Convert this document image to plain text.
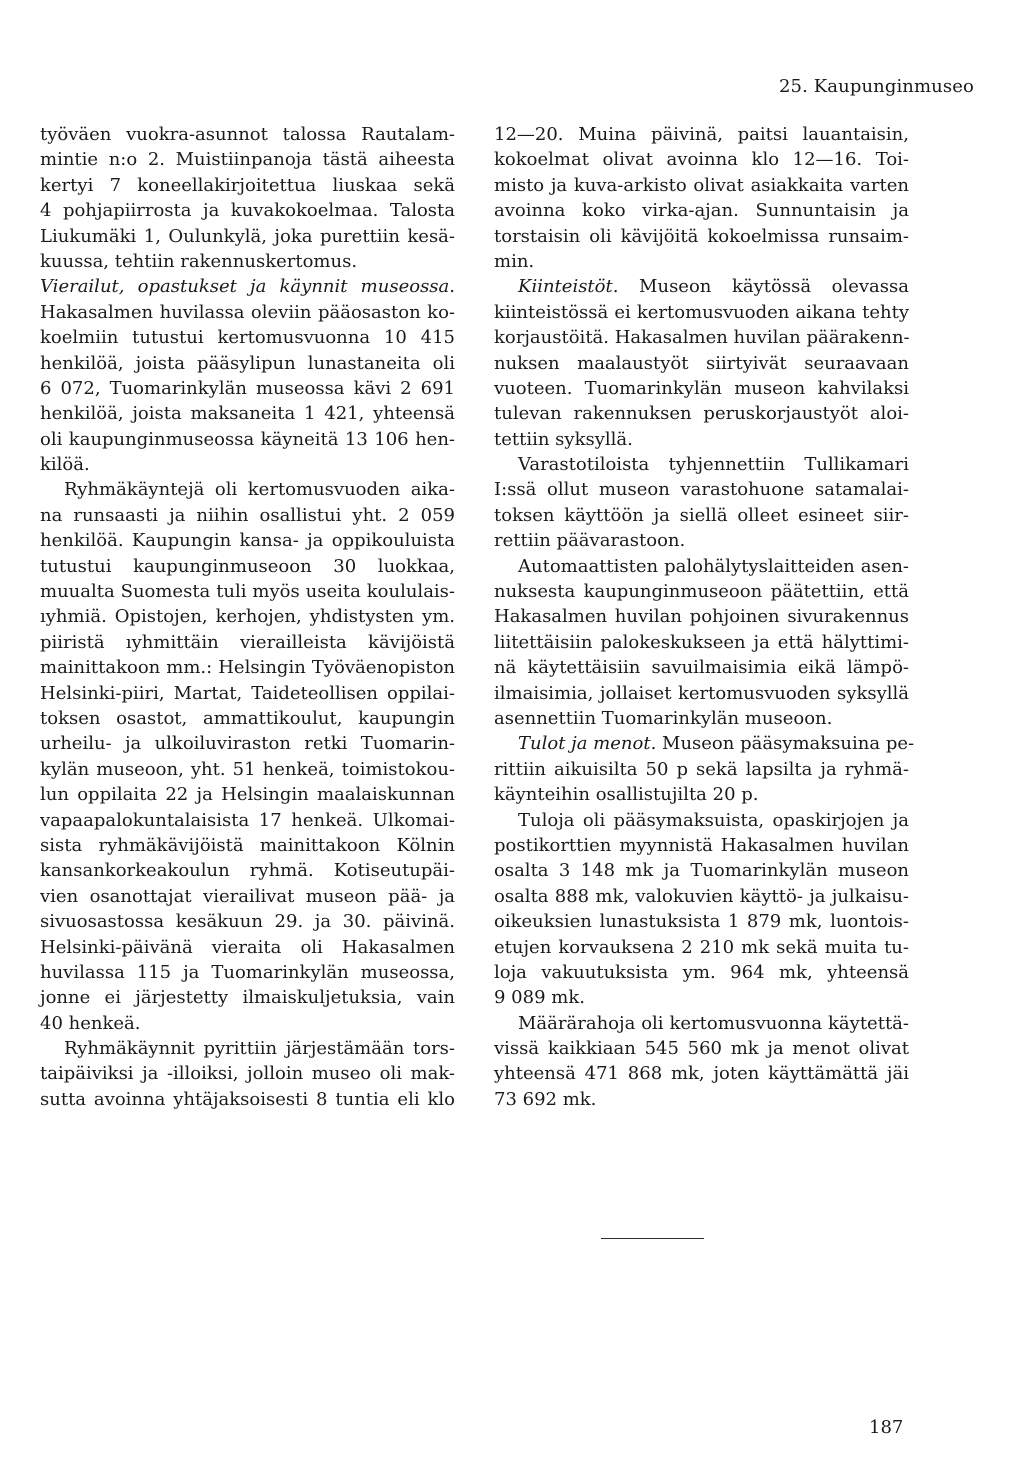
25. Kaupunginmuseo
työväen vuokra-asunnot talossa Rautalam-
mintie n:o 2. Muistiinpanoja tästä aiheesta
kertyi 7 koneellakirjoitettua liuskaa sekä
4 pohjapiirrosta ja kuvakokoelmaa. Talosta
Liukumäki 1, Oulunkylä, joka purettiin kesä-
kuussa, tehtiin rakennuskertomus.
Vierailut, opastukset ja käynnit museossa.
Hakasalmen huvilassa oleviin pääosaston ko-
koelmiin tutustui kertomusvuonna 10 415
henkilöä, joista pääsylipun lunastaneita oli
6 072, Tuomarinkylän museossa kävi 2 691
henkilöä, joista maksaneita 1 421, yhteensä
oli kaupunginmuseossa käyneitä 13 106 hen-
kilöä.
Ryhmäkäyntejä oli kertomusvuoden aika-
na runsaasti ja niihin osallistui yht. 2 059
henkilöä. Kaupungin kansa- ja oppikouluista
tutustui kaupunginmuseoon 30 luokkaa,
muualta Suomesta tuli myös useita koululais-
ıyhmiä. Opistojen, kerhojen, yhdistysten ym.
piiristä ıyhmittäin vierailleista kävijöistä
mainittakoon mm.: Helsingin Työväenopiston
Helsinki-piiri, Martat, Taideteollisen oppilai-
toksen osastot, ammattikoulut, kaupungin
urheilu- ja ulkoiluviraston retki Tuomarin-
kylän museoon, yht. 51 henkeä, toimistokou-
lun oppilaita 22 ja Helsingin maalaiskunnan
vapaapalokuntalaisista 17 henkeä. Ulkomai-
sista ryhmäkävijöistä mainittakoon Kölnin
kansankorkeakoulun ryhmä. Kotiseutupäi-
vien osanottajat vierailivat museon pää- ja
sivuosastossa kesäkuun 29. ja 30. päivinä.
Helsinki-päivänä vieraita oli Hakasalmen
huvilassa 115 ja Tuomarinkylän museossa,
jonne ei järjestetty ilmaiskuljetuksia, vain
40 henkeä.
Ryhmäkäynnit pyrittiin järjestämään tors-
taipäiviksi ja -illoiksi, jolloin museo oli mak-
sutta avoinna yhtäjaksoisesti 8 tuntia eli klo
12—20. Muina päivinä, paitsi lauantaisin,
kokoelmat olivat avoinna klo 12—16. Toi-
misto ja kuva-arkisto olivat asiakkaita varten
avoinna koko virka-ajan. Sunnuntaisin ja
torstaisin oli kävijöitä kokoelmissa runsaim-
min.
Kiinteistöt. Museon käytössä olevassa
kiinteistössä ei kertomusvuoden aikana tehty
korjaustöitä. Hakasalmen huvilan päärakenn-
nuksen maalaustyöt siirtyivät seuraavaan
vuoteen. Tuomarinkylän museon kahvilaksi
tulevan rakennuksen peruskorjaustyöt aloi-
tettiin syksyllä.
Varastotiloista tyhjennettiin Tullikamari
I:ssä ollut museon varastohuone satamalai-
toksen käyttöön ja siellä olleet esineet siir-
rettiin päävarastoon.
Automaattisten palohälytyslaitteiden asen-
nuksesta kaupunginmuseoon päätettiin, että
Hakasalmen huvilan pohjoinen sivurakennus
liitettäisiin palokeskukseen ja että hälyttimi-
nä käytettäisiin savuilmaisimia eikä lämpö-
ilmaisimia, jollaiset kertomusvuoden syksyllä
asennettiin Tuomarinkylän museoon.
Tulot ja menot. Museon pääsymaksuina pe-
rittiin aikuisilta 50 p sekä lapsilta ja ryhmä-
käynteihin osallistujilta 20 p.
Tuloja oli pääsymaksuista, opaskirjojen ja
postikorttien myynnistä Hakasalmen huvilan
osalta 3 148 mk ja Tuomarinkylän museon
osalta 888 mk, valokuvien käyttö- ja julkaisu-
oikeuksien lunastuksista 1 879 mk, luontois-
etujen korvauksena 2 210 mk sekä muita tu-
loja vakuutuksista ym. 964 mk, yhteensä
9 089 mk.
Määrärahoja oli kertomusvuonna käytettä-
vissä kaikkiaan 545 560 mk ja menot olivat
yhteensä 471 868 mk, joten käyttämättä jäi
73 692 mk.
187
